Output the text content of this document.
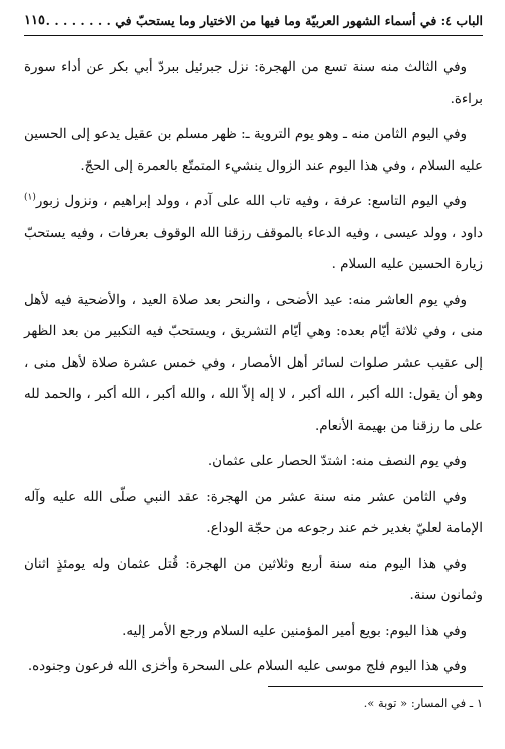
الباب ٤: في أسماء الشهور العربيّة وما فيها من الاختيار وما يستحبّ في . . . . . . . .
١١٥

وفي الثالث منه سنة تسع من الهجرة: نزل جبرئيل ببردّ أبي بكر عن أداء سورة براءة.

وفي اليوم الثامن منه ـ وهو يوم التروية ـ: ظهر مسلم بن عقيل يدعو إلى الحسين عليه السلام ، وفي هذا اليوم عند الزوال ينشيء المتمتّع بالعمرة إلى الحجّ.

وفي اليوم التاسع: عرفة ، وفيه تاب الله على آدم ، وولد إبراهيم ، ونزول زبور$^{(١)}$ داود ، وولد عيسى ، وفيه الدعاء بالموقف رزقنا الله الوقوف بعرفات ، وفيه يستحبّ زيارة الحسين عليه السلام .

وفي يوم العاشر منه: عيد الأضحى ، والنحر بعد صلاة العيد ، والأضحية فيه لأهل منى ، وفي ثلاثة أيّام بعده: وهي أيّام التشريق ، ويستحبّ فيه التكبير من بعد الظهر إلى عقيب عشر صلوات لسائر أهل الأمصار ، وفي خمس عشرة صلاة لأهل منى ، وهو أن يقول: الله أكبر ، الله أكبر ، لا إله إلاّ الله ، والله أكبر ، الله أكبر ، والحمد لله على ما رزقنا من بهيمة الأنعام.

وفي يوم النصف منه: اشتدّ الحصار على عثمان.

وفي الثامن عشر منه سنة عشر من الهجرة: عقد النبي صلّى الله عليه وآله الإمامة لعليّ بغدير خم عند رجوعه من حجّة الوداع.

وفي هذا اليوم منه سنة أربع وثلاثين من الهجرة: قُتل عثمان وله يومئذٍ اثنان وثمانون سنة.

وفي هذا اليوم: بويع أمير المؤمنين عليه السلام ورجع الأمر إليه.

وفي هذا اليوم فلج موسى عليه السلام على السحرة وأخزى الله فرعون وجنوده.

١ ـ في المسار: « توبة ».
